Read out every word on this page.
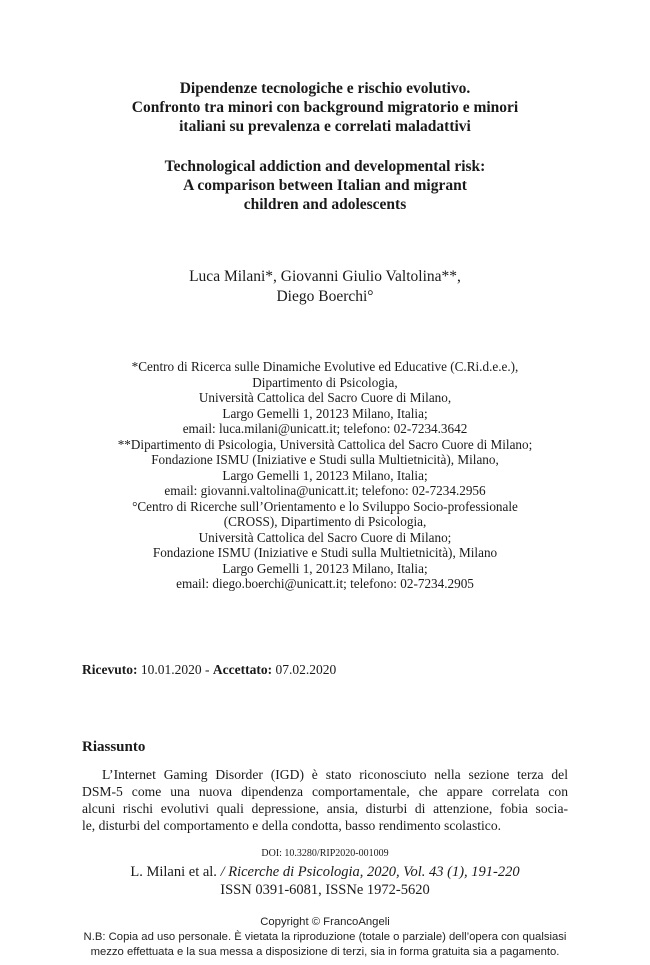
Dipendenze tecnologiche e rischio evolutivo.
Confronto tra minori con background migratorio e minori
italiani su prevalenza e correlati maladattivi
Technological addiction and developmental risk:
A comparison between Italian and migrant
children and adolescents
Luca Milani*, Giovanni Giulio Valtolina**,
Diego Boerchi°
*Centro di Ricerca sulle Dinamiche Evolutive ed Educative (C.Ri.d.e.e.),
Dipartimento di Psicologia,
Università Cattolica del Sacro Cuore di Milano,
Largo Gemelli 1, 20123 Milano, Italia;
email: luca.milani@unicatt.it; telefono: 02-7234.3642
**Dipartimento di Psicologia, Università Cattolica del Sacro Cuore di Milano;
Fondazione ISMU (Iniziative e Studi sulla Multietnicità), Milano,
Largo Gemelli 1, 20123 Milano, Italia;
email: giovanni.valtolina@unicatt.it; telefono: 02-7234.2956
°Centro di Ricerche sull’Orientamento e lo Sviluppo Socio-professionale
(CROSS), Dipartimento di Psicologia,
Università Cattolica del Sacro Cuore di Milano;
Fondazione ISMU (Iniziative e Studi sulla Multietnicità), Milano
Largo Gemelli 1, 20123 Milano, Italia;
email: diego.boerchi@unicatt.it; telefono: 02-7234.2905
Ricevuto: 10.01.2020 - Accettato: 07.02.2020
Riassunto
L’Internet Gaming Disorder (IGD) è stato riconosciuto nella sezione terza del
DSM-5 come una nuova dipendenza comportamentale, che appare correlata con
alcuni rischi evolutivi quali depressione, ansia, disturbi di attenzione, fobia socia-
le, disturbi del comportamento e della condotta, basso rendimento scolastico.
DOI: 10.3280/RIP2020-001009
L. Milani et al. / Ricerche di Psicologia, 2020, Vol. 43 (1), 191-220
ISSN 0391-6081, ISSNe 1972-5620
Copyright © FrancoAngeli
N.B: Copia ad uso personale. È vietata la riproduzione (totale o parziale) dell’opera con qualsiasi
mezzo effettuata e la sua messa a disposizione di terzi, sia in forma gratuita sia a pagamento.
